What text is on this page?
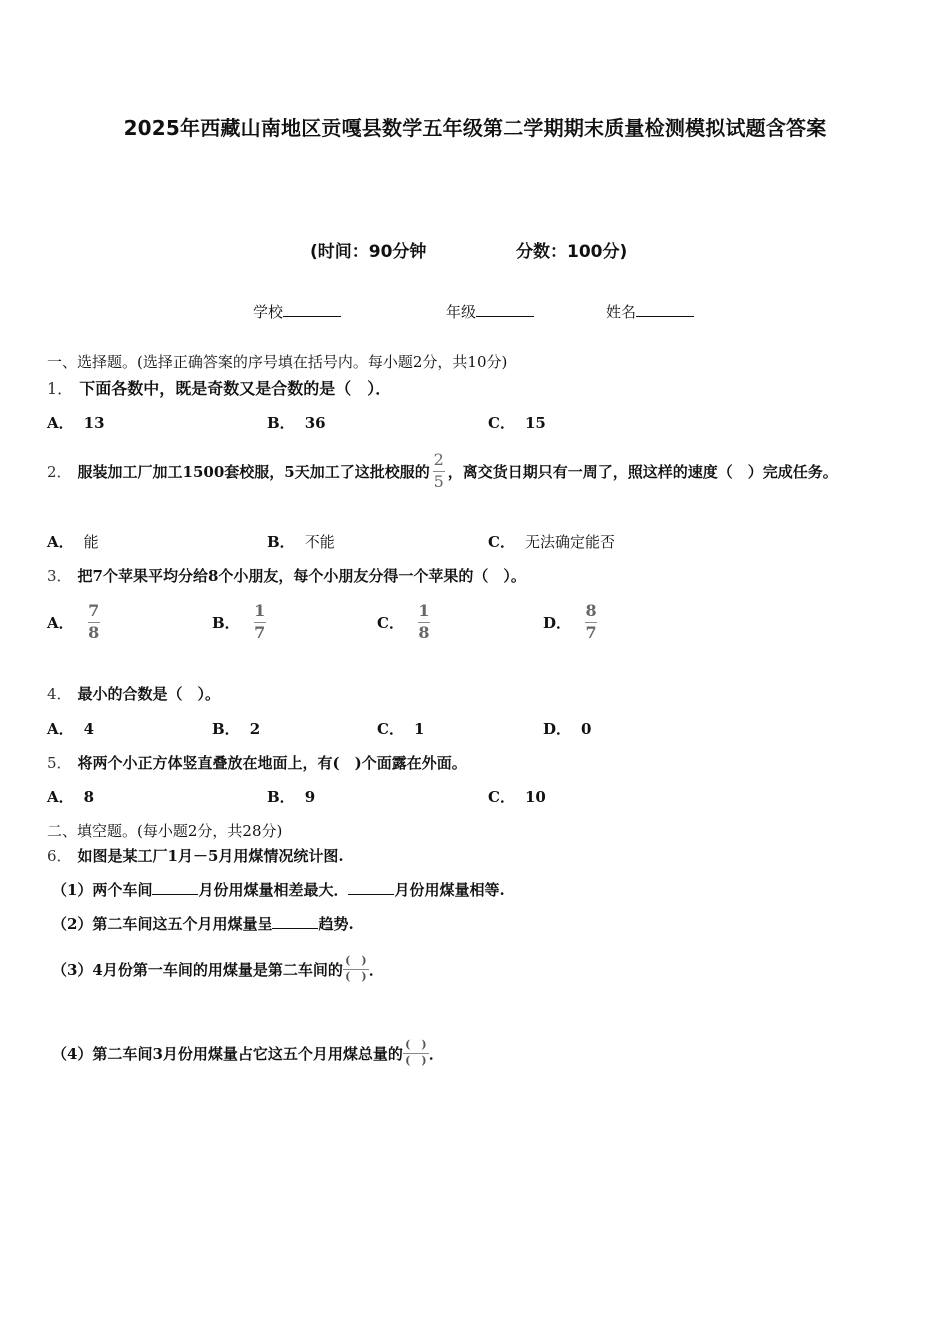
2025年西藏山南地区贡嘎县数学五年级第二学期期末质量检测模拟试题含答案
(时间：90分钟	分数：100分)
学校	年级	姓名
一、选择题。(选择正确答案的序号填在括号内。每小题2分，共10分)
1． 下面各数中，既是奇数又是合数的是（　）．
A． 13	B． 36	C． 15
2． 服装加工厂加工1500套校服，5天加工了这批校服的 $\frac{2}{5}$ ，离交货日期只有一周了，照这样的速度（　）完成任务。
A． 能	B． 不能	C． 无法确定能否
3． 把7个苹果平均分给8个小朋友，每个小朋友分得一个苹果的（　）。
A． $\frac{7}{8}$	B． $\frac{1}{7}$	C． $\frac{1}{8}$	D． $\frac{8}{7}$
4． 最小的合数是（　）。
A． 4	B． 2	C． 1	D． 0
5． 将两个小正方体竖直叠放在地面上，有(　)个面露在外面。
A． 8	B． 9	C． 10
二、填空题。(每小题2分，共28分)
6． 如图是某工厂1月－5月用煤情况统计图.
（1）两个车间	月份用煤量相差最大．	月份用煤量相等.
（2）第二车间这五个月用煤量呈	趋势.
（3）4月份第一车间的用煤量是第二车间的 $\frac{( )}{( )}$ ．
（4）第二车间3月份用煤量占它这五个月用煤总量的 $\frac{( )}{( )}$ ．
